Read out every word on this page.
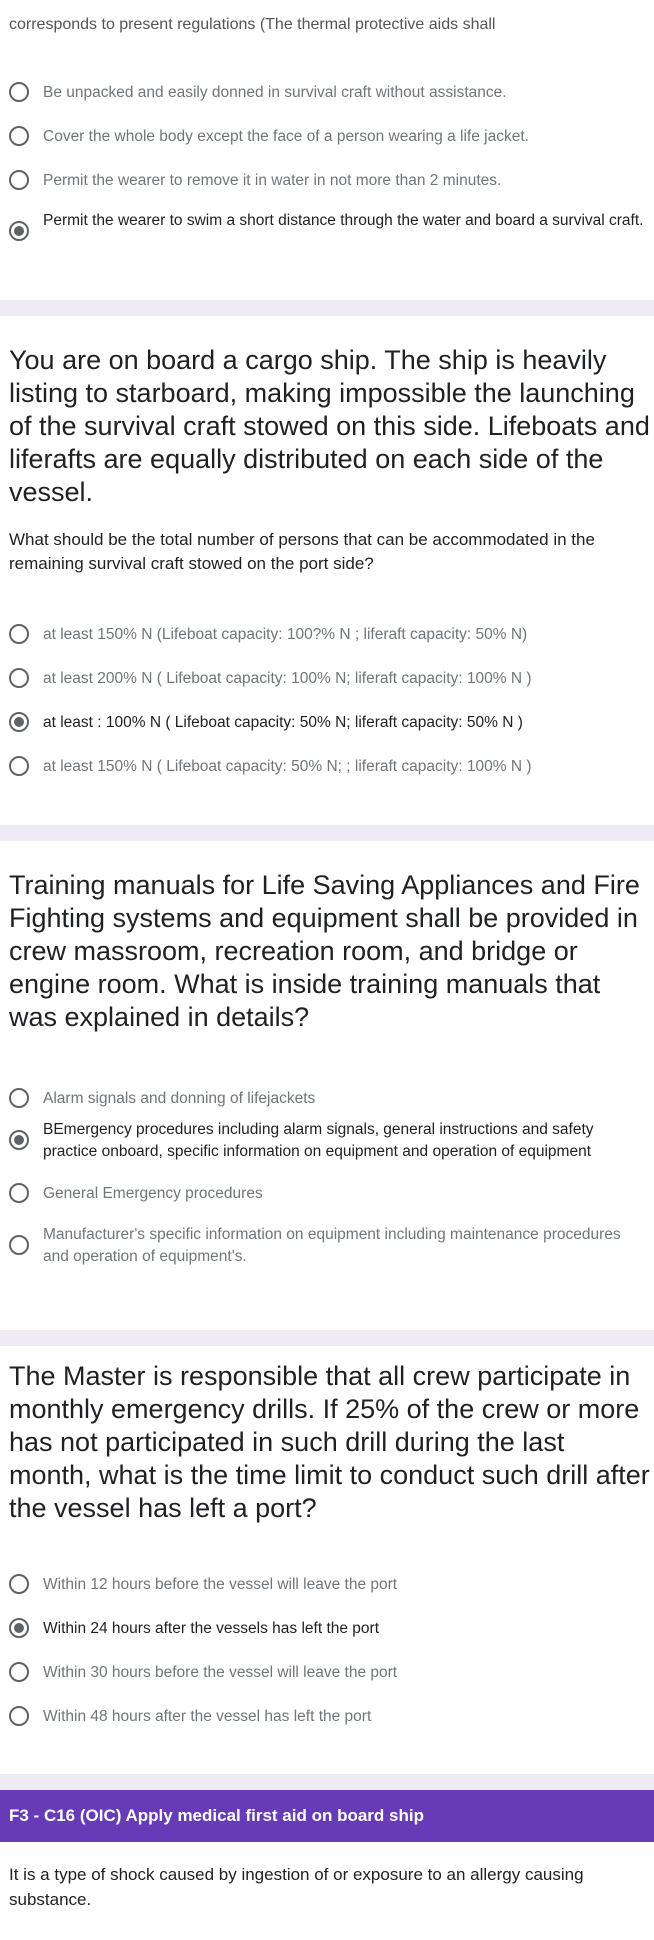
corresponds to present regulations (The thermal protective aids shall
Be unpacked and easily donned in survival craft without assistance.
Cover the whole body except the face of a person wearing a life jacket.
Permit the wearer to remove it in water in not more than 2 minutes.
Permit the wearer to swim a short distance through the water and board a survival craft.
You are on board a cargo ship. The ship is heavily listing to starboard, making impossible the launching of the survival craft stowed on this side. Lifeboats and liferafts are equally distributed on each side of the vessel.

What should be the total number of persons that can be accommodated in the remaining survival craft stowed on the port side?

at least 150% N (Lifeboat capacity: 100?% N ; liferaft capacity: 50% N)
at least 200% N ( Lifeboat capacity: 100% N; liferaft capacity: 100% N )
at least : 100% N ( Lifeboat capacity: 50% N; liferaft capacity: 50% N )
at least 150% N ( Lifeboat capacity: 50% N; ; liferaft capacity: 100% N )
Training manuals for Life Saving Appliances and Fire Fighting systems and equipment shall be provided in crew massroom, recreation room, and bridge or engine room. What is inside training manuals that was explained in details?
Alarm signals and donning of lifejackets
BEmergency procedures including alarm signals, general instructions and safety practice onboard, specific information on equipment and operation of equipment
General Emergency procedures
Manufacturer's specific information on equipment including maintenance procedures and operation of equipment's.
The Master is responsible that all crew participate in monthly emergency drills. If 25% of the crew or more has not participated in such drill during the last month, what is the time limit to conduct such drill after the vessel has left a port?
Within 12 hours before the vessel will leave the port
Within 24 hours after the vessels has left the port
Within 30 hours before the vessel will leave the port
Within 48 hours after the vessel has left the port
F3 - C16 (OIC) Apply medical first aid on board ship
It is a type of shock caused by ingestion of or exposure to an allergy causing substance.
